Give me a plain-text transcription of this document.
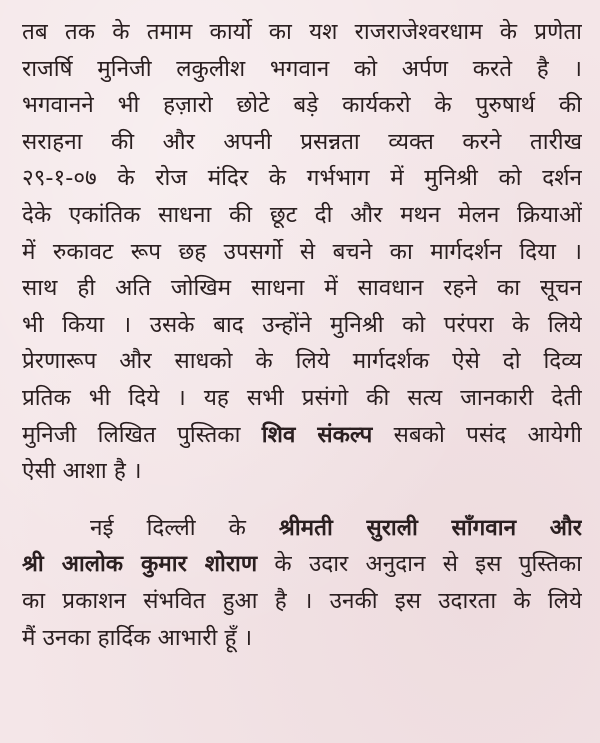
तब तक के तमाम कार्यो का यश राजराजेश्वरधाम के प्रणेता
राजर्षि मुनिजी लकुलीश भगवान को अर्पण करते है ।
भगवानने भी हज़ारो छोटे बड़े कार्यकरो के पुरुषार्थ की
सराहना की और अपनी प्रसन्नता व्यक्त करने तारीख
२९-१-०७ के रोज मंदिर के गर्भभाग में मुनिश्री को दर्शन
देके एकांतिक साधना की छूट दी और मथन मेलन क्रियाओं
में रुकावट रूप छह उपसर्गो से बचने का मार्गदर्शन दिया ।
साथ ही अति जोखिम साधना में सावधान रहने का सूचन
भी किया । उसके बाद उन्होंने मुनिश्री को परंपरा के लिये
प्रेरणारूप और साधको के लिये मार्गदर्शक ऐसे दो दिव्य
प्रतिक भी दिये । यह सभी प्रसंगो की सत्य जानकारी देती
मुनिजी लिखित पुस्तिका शिव संकल्प सबको पसंद आयेगी
ऐसी आशा है ।
नई दिल्ली के श्रीमती सुराली साँगवान और
श्री आलोक कुमार शोराण के उदार अनुदान से इस पुस्तिका
का प्रकाशन संभवित हुआ है । उनकी इस उदारता के लिये
मैं उनका हार्दिक आभारी हूँ ।
